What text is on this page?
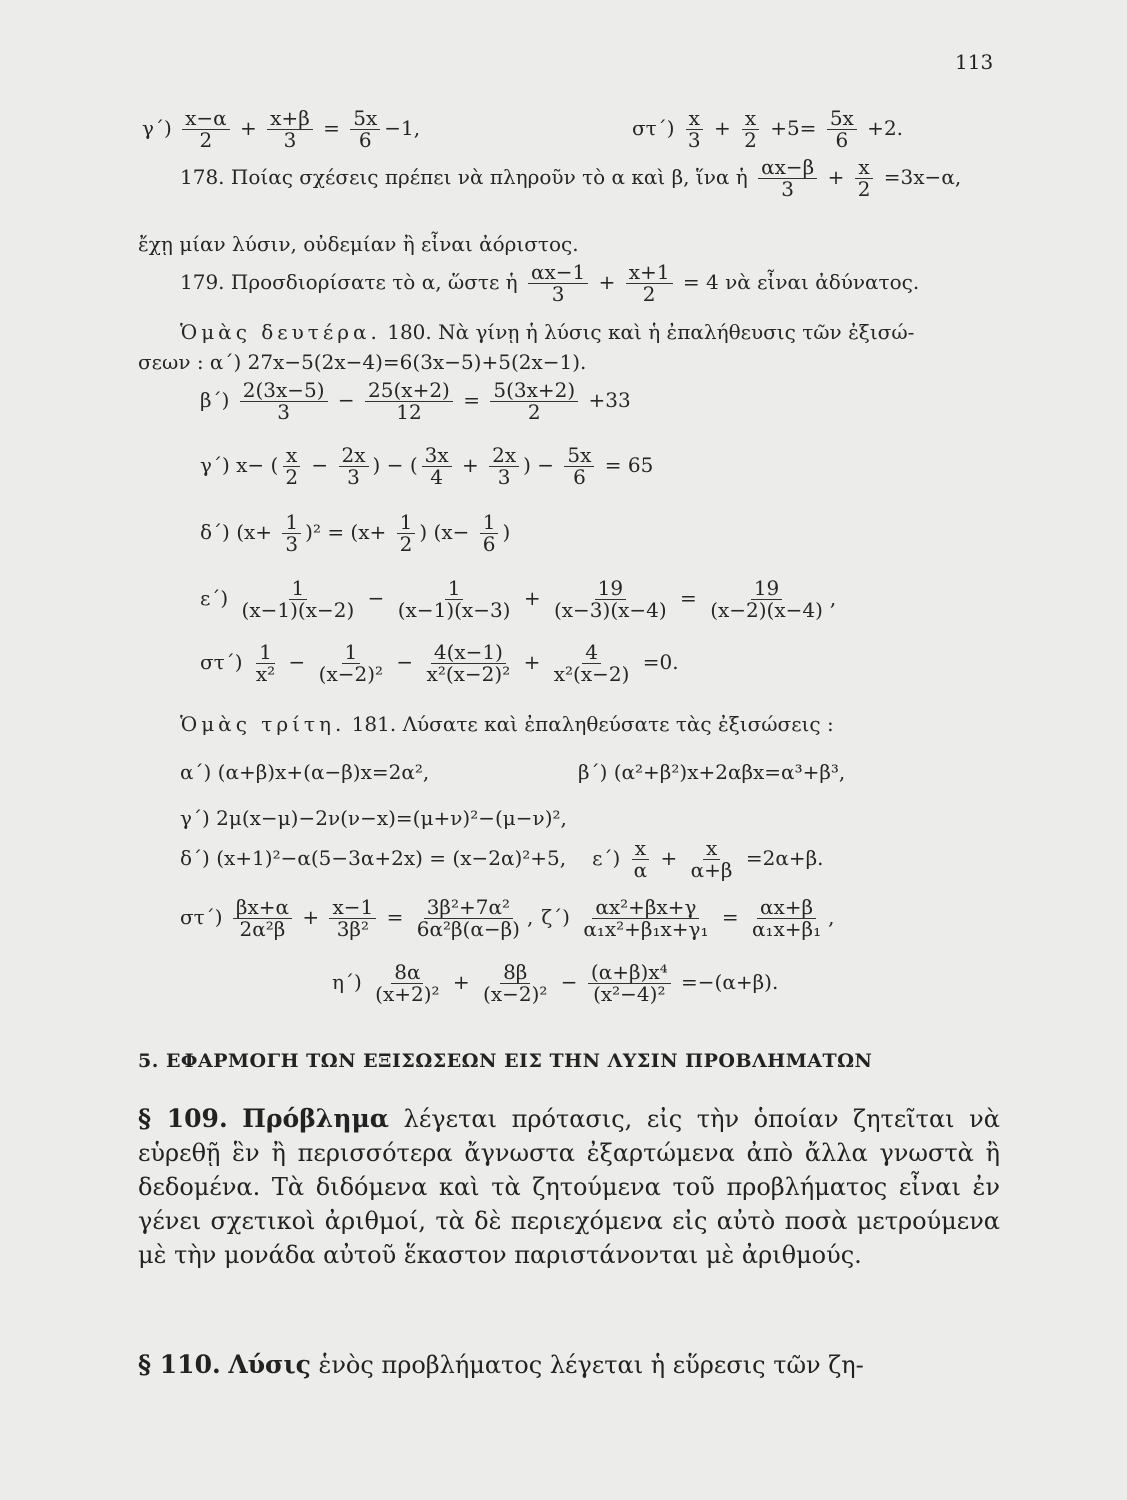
113
$\gamma΄) \frac{x-\alpha}{2} + \frac{x+\beta}{3} = \frac{5x}{6} -1$,	$\sigma\tau΄) \frac{x}{3} + \frac{x}{2} +5= \frac{5x}{6} +2$.
178. Ποίας σχέσεις πρέπει νὰ πληροῦν τὸ α καὶ β, ἵνα ἡ $\frac{\alpha x-\beta}{3} + \frac{x}{2} =3x-\alpha$,
ἔχῃ μίαν λύσιν, οὐδεμίαν ἢ εἶναι ἀόριστος.
179. Προσδιορίσατε τὸ α, ὥστε ἡ $\frac{\alpha x-1}{3} + \frac{x+1}{2} = 4$ νὰ εἶναι ἀδύνατος.
Ὁμὰς δευτέρα. 180. Νὰ γίνῃ ἡ λύσις καὶ ἡ ἐπαλήθευσις τῶν ἐξισώ-
σεων : α΄) 27x−5(2x−4)=6(3x−5)+5(2x−1).
$\beta΄) \frac{2(3x-5)}{3} - \frac{25(x+2)}{12} = \frac{5(3x+2)}{2} +33$
γ΄) x− ( $\frac{x}{2} - \frac{2x}{3}$ ) − ( $\frac{3x}{4} + \frac{2x}{3}$ ) − $\frac{5x}{6} = 65$
δ΄) $(x+ \frac{1}{3} )^2 = (x+ \frac{1}{2}$ ) ($x- \frac{1}{6}$ )
$\varepsilon΄) \frac{1}{(x-1)(x-2)} - \frac{1}{(x-1)(x-3)} + \frac{19}{(x-3)(x-4)} = \frac{19}{(x-2)(x-4)}$ ,
$\sigma\tau΄) \frac{1}{\text{x²}} - \frac{1}{\text{(x−2)²}} - \frac{4(x-1)}{\text{x²(x−2)²}} + \frac{4}{\text{x²(x−2)}} =0$.
Ὁμὰς τρίτη. 181. Λύσατε καὶ ἐπαληθεύσατε τὰς ἐξισώσεις :
α΄) (α+β)x+(α−β)x=2α²,	β΄) (α²+β²)x+2αβx=α³+β³,
γ΄) 2μ(x−μ)−2ν(ν−x)=(μ+ν)²−(μ−ν)²,
δ΄) (x+1)²−α(5−3α+2x) = (x−2α)²+5, $\varepsilon΄) \frac{x}{\alpha} + \frac{x}{\alpha+\beta} =2\alpha+\beta$.
$\sigma\tau΄) \frac{\beta x+\alpha}{\text{2α²β}} + \frac{x-1}{\text{3β²}} = \frac{\text{3β²+7α²}}{\text{6α²β(α−β)}}$ , $\zeta΄) \frac{\text{αx²+βx+γ}}{\text{α₁x²+β₁x+γ₁}} = \frac{\alpha x+\beta}{\text{α₁x+β₁}}$ ,
$\eta΄) \frac{8\alpha}{\text{(x+2)²}} + \frac{8\beta}{\text{(x−2)²}} - \frac{\text{(α+β)x⁴}}{\text{(x²−4)²}} =-(\alpha+\beta)$.
5. ΕΦΑΡΜΟΓΗ ΤΩΝ ΕΞΙΣΩΣΕΩΝ ΕΙΣ ΤΗΝ ΛΥΣΙΝ ΠΡΟΒΛΗΜΑΤΩΝ
§ 109. Πρόβλημα λέγεται πρότασις, εἰς τὴν ὁποίαν ζητεῖται νὰ εὑρεθῇ ἓν ἢ περισσότερα ἄγνωστα ἐξαρτώμενα ἀπὸ ἄλλα γνωστὰ ἢ δεδομένα. Τὰ διδόμενα καὶ τὰ ζητούμενα τοῦ προβλήματος εἶναι ἐν γένει σχετικοὶ ἀριθμοί, τὰ δὲ περιεχόμενα εἰς αὐτὸ ποσὰ μετρούμενα μὲ τὴν μονάδα αὐτοῦ ἕκαστον παριστάνονται μὲ ἀριθμούς.
§ 110. Λύσις ἑνὸς προβλήματος λέγεται ἡ εὕρεσις τῶν ζη-
